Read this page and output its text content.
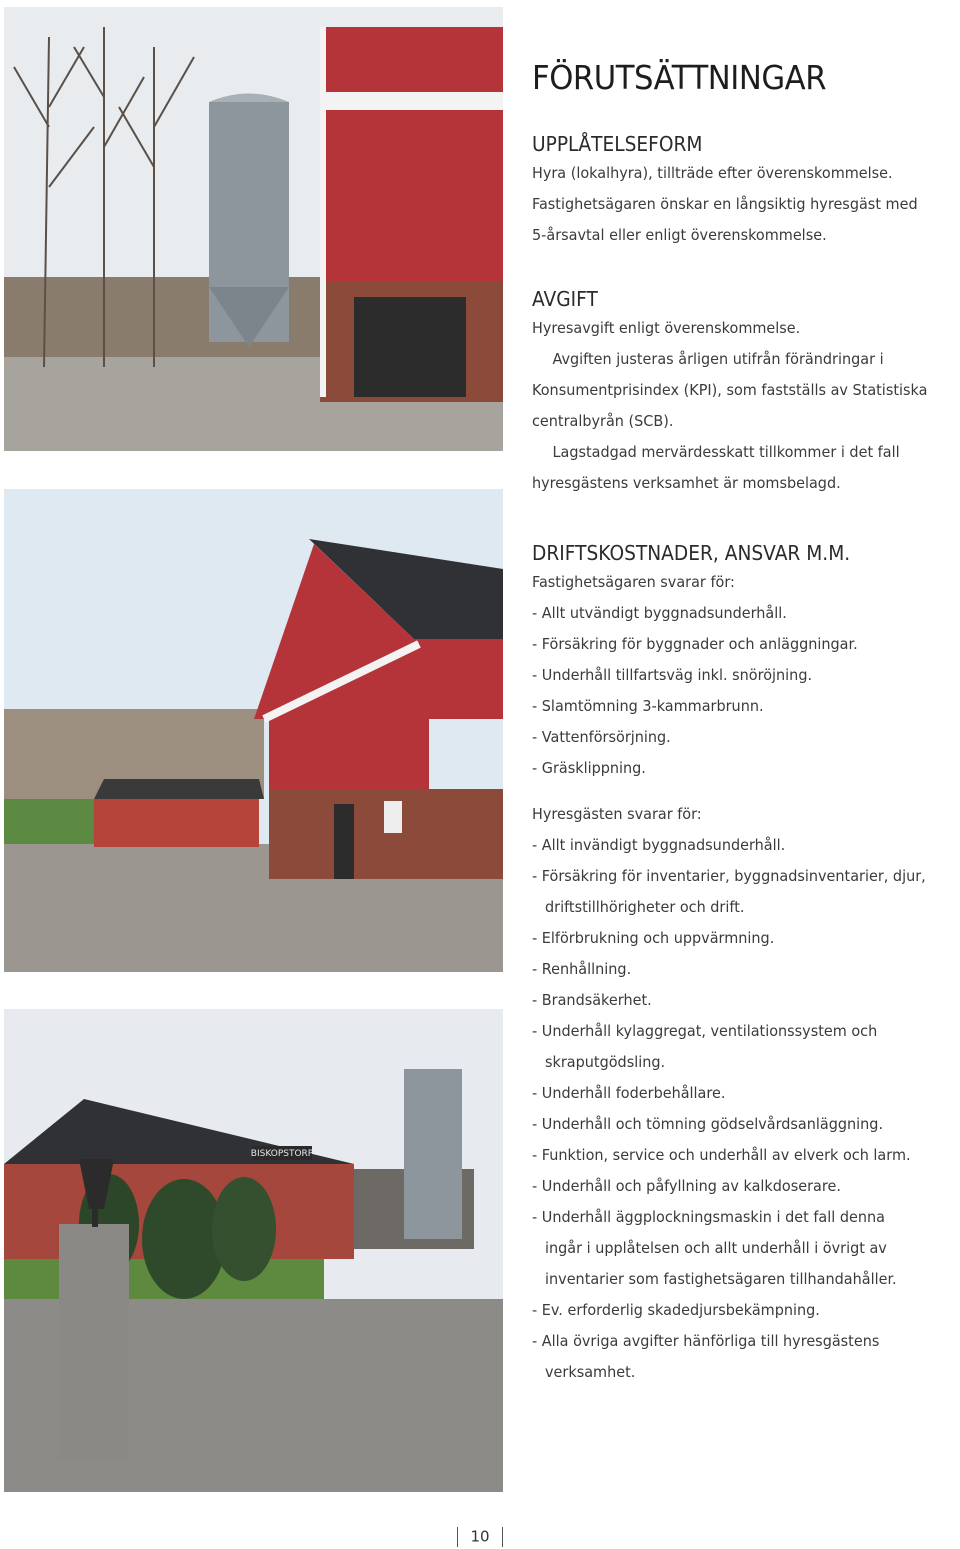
BISKOPSTORP
FÖRUTSÄTTNINGAR
UPPLÅTELSEFORM

Hyra (lokalhyra), tillträde efter överenskommelse.

Fastighetsägaren önskar en långsiktig hyresgäst med

5-årsavtal eller enligt överenskommelse.

AVGIFT

Hyresavgift enligt överenskommelse.

Avgiften justeras årligen utifrån förändringar i

Konsumentprisindex (KPI), som fastställs av Statistiska

centralbyrån (SCB).

Lagstadgad mervärdesskatt tillkommer i det fall

hyresgästens verksamhet är momsbelagd.

DRIFTSKOSTNADER, ANSVAR M.M.

Fastighetsägaren svarar för:

- Allt utvändigt byggnadsunderhåll.
- Försäkring för byggnader och anläggningar.
- Underhåll tillfartsväg inkl. snöröjning.
- Slamtömning 3-kammarbrunn.
- Vattenförsörjning.
- Gräsklippning.

Hyresgästen svarar för:

- Allt invändigt byggnadsunderhåll.
- Försäkring för inventarier, byggnadsinventarier, djur,
driftstillhörigheter och drift.
- Elförbrukning och uppvärmning.
- Renhållning.
- Brandsäkerhet.
- Underhåll kylaggregat, ventilationssystem och
skraputgödsling.
- Underhåll foderbehållare.
- Underhåll och tömning gödselvårdsanläggning.
- Funktion, service och underhåll av elverk och larm.
- Underhåll och påfyllning av kalkdoserare.
- Underhåll äggplockningsmaskin i det fall denna
ingår i upplåtelsen och allt underhåll i övrigt av
inventarier som fastighetsägaren tillhandahåller.
- Ev. erforderlig skadedjursbekämpning.
- Alla övriga avgifter hänförliga till hyresgästens
verksamhet.
10
